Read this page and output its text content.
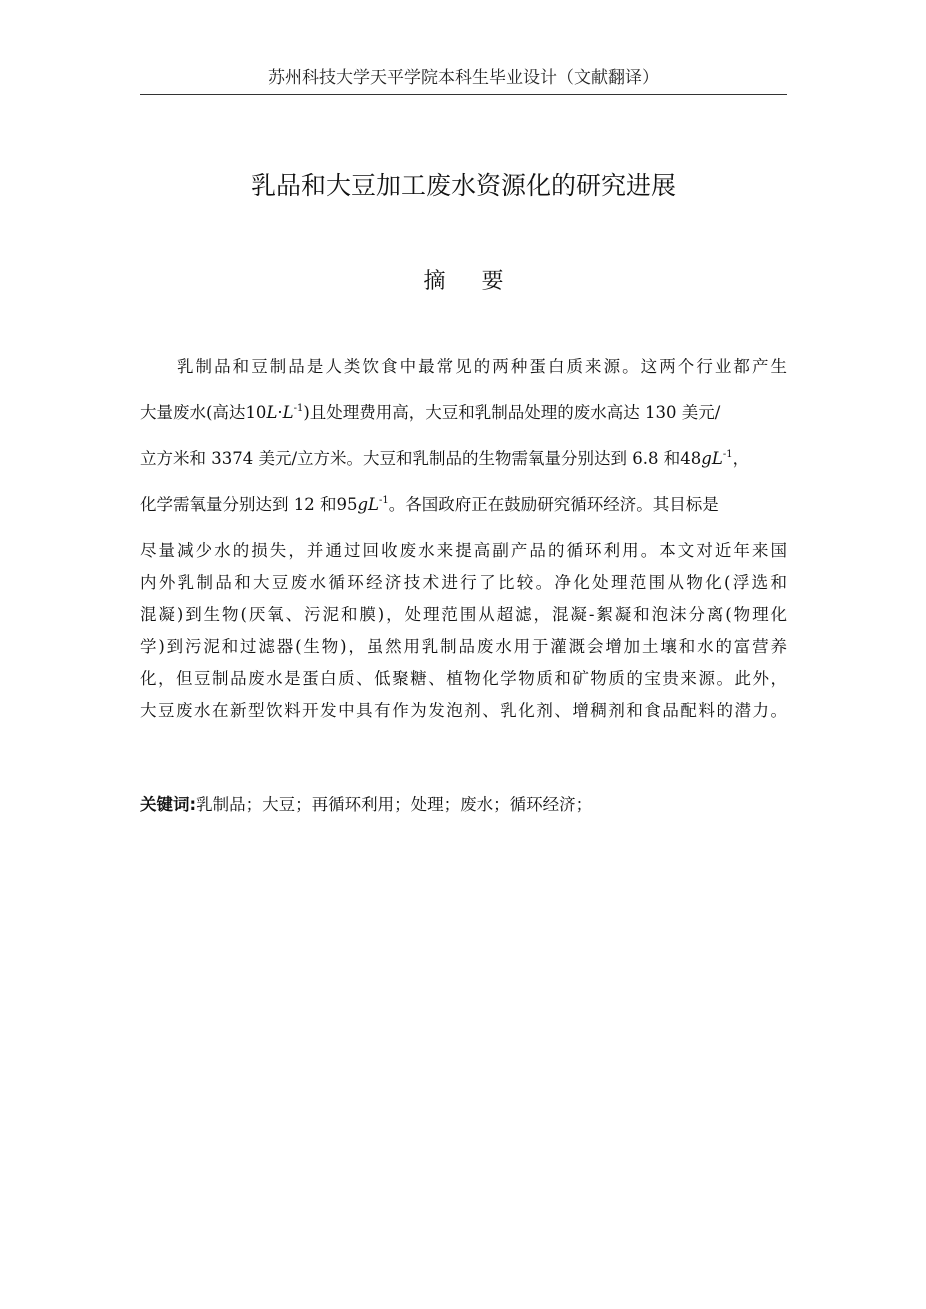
苏州科技大学天平学院本科生毕业设计（文献翻译）
乳品和大豆加工废水资源化的研究进展
摘要
乳制品和豆制品是人类饮食中最常见的两种蛋白质来源。这两个行业都产生
大量废水(高达$10L\cdot L^{-1}$)且处理费用高，大豆和乳制品处理的废水高达 130 美元/
立方米和 3374 美元/立方米。大豆和乳制品的生物需氧量分别达到 6.8 和$48gL^{-1}$，
化学需氧量分别达到 12 和$95gL^{-1}$。各国政府正在鼓励研究循环经济。其目标是
尽量减少水的损失，并通过回收废水来提高副产品的循环利用。本文对近年来国
内外乳制品和大豆废水循环经济技术进行了比较。净化处理范围从物化(浮选和
混凝)到生物(厌氧、污泥和膜)，处理范围从超滤，混凝-絮凝和泡沫分离(物理化
学)到污泥和过滤器(生物)，虽然用乳制品废水用于灌溉会增加土壤和水的富营养
化，但豆制品废水是蛋白质、低聚糖、植物化学物质和矿物质的宝贵来源。此外，
大豆废水在新型饮料开发中具有作为发泡剂、乳化剂、增稠剂和食品配料的潜力。
关键词:乳制品；大豆；再循环利用；处理；废水；循环经济；
